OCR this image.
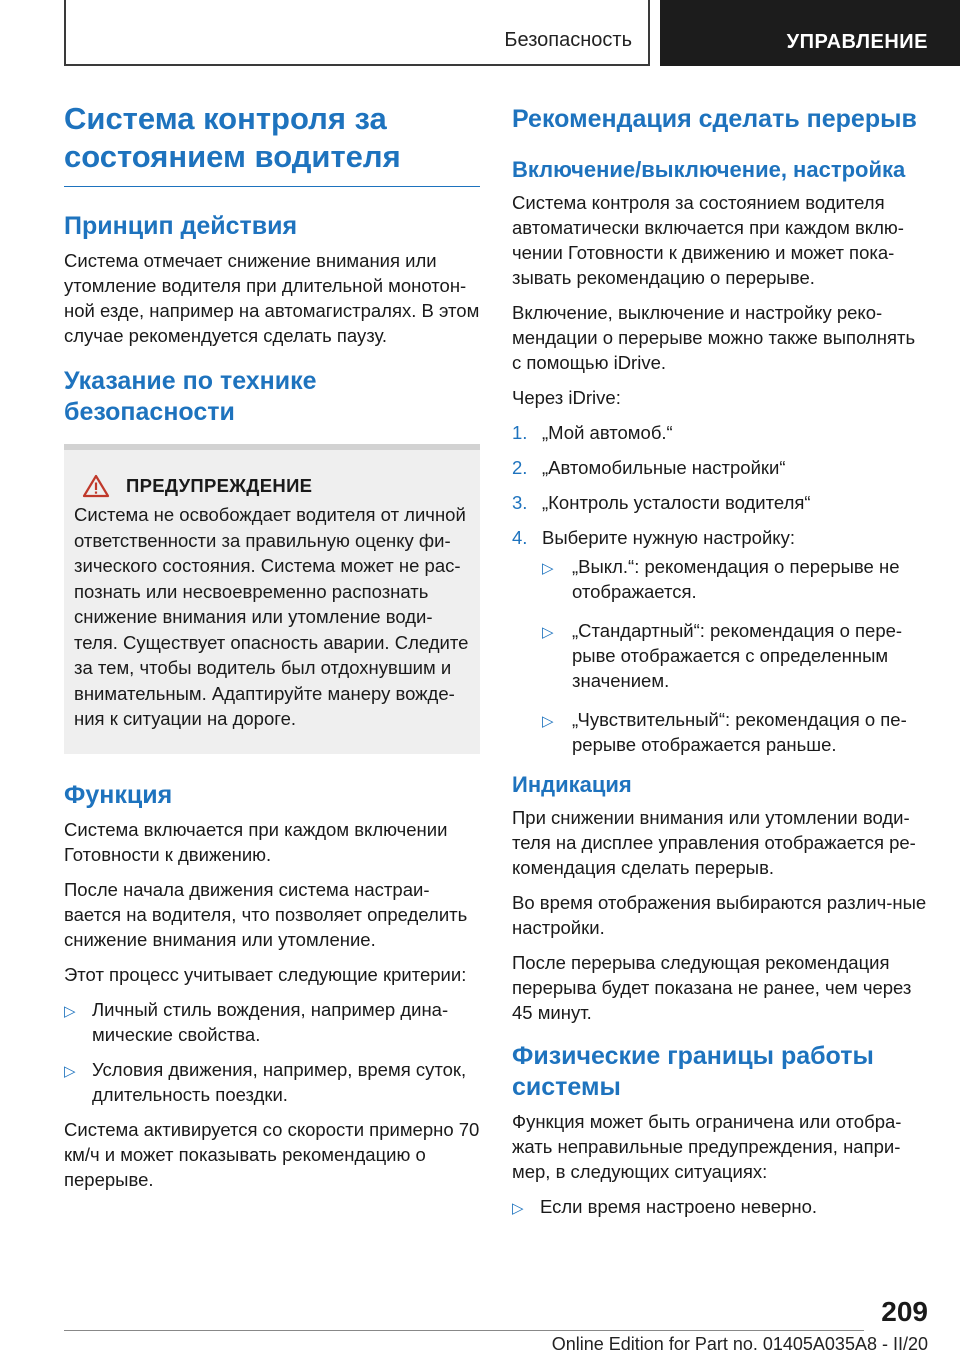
Безопасность	УПРАВЛЕНИЕ
Система контроля за состоянием водителя
Принцип действия

Система отмечает снижение внимания или утомление водителя при длительной монотон-ной езде, например на автомагистралях. В этом случае рекомендуется сделать паузу.

Указание по технике безопасности
ПРЕДУПРЕЖДЕНИЕ

Система не освобождает водителя от личной ответственности за правильную оценку фи-зического состояния. Система может не рас-познать или несвоевременно распознать снижение внимания или утомление води-теля. Существует опасность аварии. Следите за тем, чтобы водитель был отдохнувшим и внимательным. Адаптируйте манеру вожде-ния к ситуации на дороге.

Функция

Система включается при каждом включении Готовности к движению.

После начала движения система настраи-вается на водителя, что позволяет определить снижение внимания или утомление.

Этот процесс учитывает следующие критерии:

▷ Личный стиль вождения, например дина-мические свойства.
▷ Условия движения, например, время суток, длительность поездки.

Система активируется со скорости примерно 70 км/ч и может показывать рекомендацию о перерыве.

Рекомендация сделать перерыв
Включение/выключение, настройка

Система контроля за состоянием водителя автоматически включается при каждом вклю-чении Готовности к движению и может пока-зывать рекомендацию о перерыве.

Включение, выключение и настройку реко-мендации о перерыве можно также выполнять с помощью iDrive.

Через iDrive:

1. „Мой автомоб.“
2. „Автомобильные настройки“
3. „Контроль усталости водителя“
4. Выберите нужную настройку:
▷ „Выкл.“: рекомендация о перерыве не отображается.
▷ „Стандартный“: рекомендация о пере-рыве отображается с определенным значением.
▷ „Чувствительный“: рекомендация о пе-рерыве отображается раньше.
Индикация

При снижении внимания или утомлении води-теля на дисплее управления отображается ре-комендация сделать перерыв.

Во время отображения выбираются различ-ные настройки.

После перерыва следующая рекомендация перерыва будет показана не ранее, чем через 45 минут.

Физические границы работы системы

Функция может быть ограничена или отобра-жать неправильные предупреждения, напри-мер, в следующих ситуациях:

▷ Если время настроено неверно.
209
Online Edition for Part no. 01405A035A8 - II/20
